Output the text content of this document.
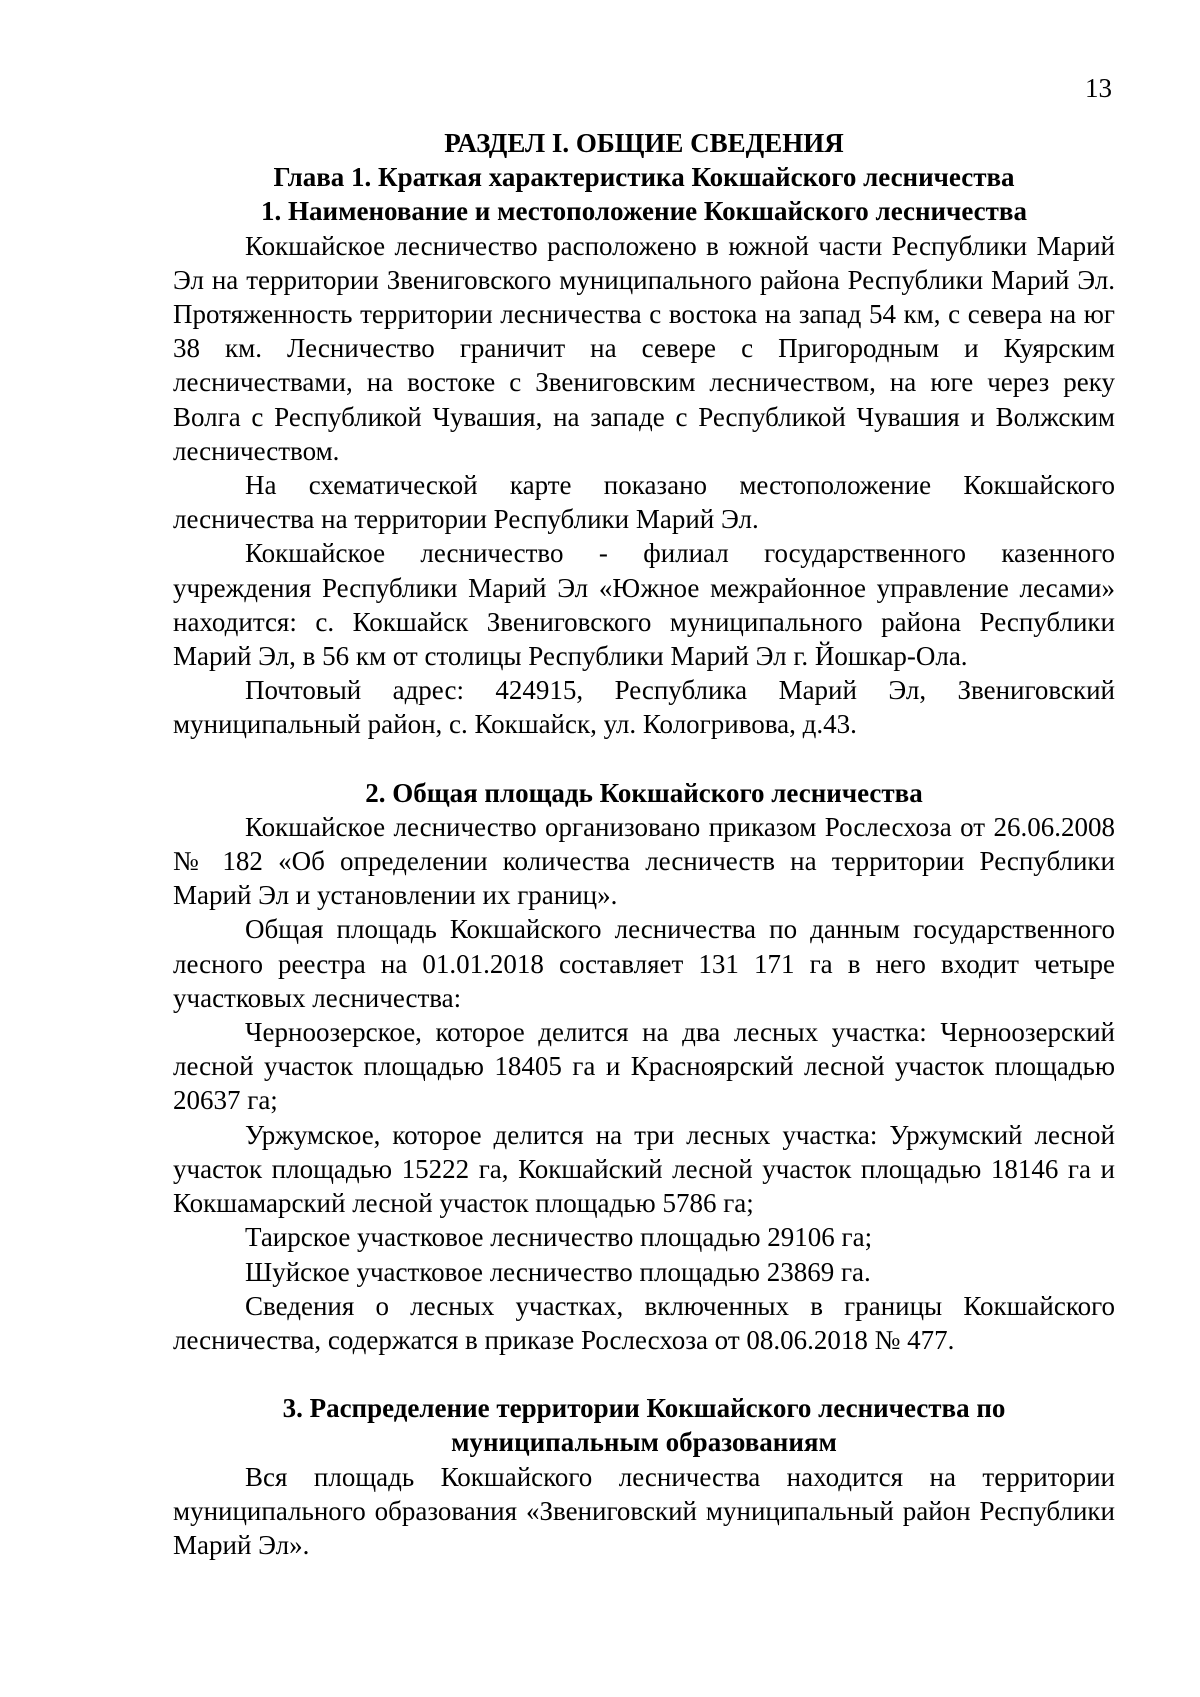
13

РАЗДЕЛ I. ОБЩИЕ СВЕДЕНИЯ

Глава 1. Краткая характеристика Кокшайского лесничества

1. Наименование и местоположение Кокшайского лесничества

Кокшайское лесничество расположено в южной части Республики Марий Эл на территории Звениговского муниципального района Республики Марий Эл. Протяженность территории лесничества с востока на запад 54 км, с севера на юг 38 км. Лесничество граничит на севере с Пригородным и Куярским лесничествами, на востоке с Звениговским лесничеством, на юге через реку Волга с Республикой Чувашия, на западе с Республикой Чувашия и Волжским лесничеством.

На схематической карте показано местоположение Кокшайского лесничества на территории Республики Марий Эл.

Кокшайское лесничество - филиал государственного казенного учреждения Республики Марий Эл «Южное межрайонное управление лесами» находится: с. Кокшайск Звениговского муниципального района Республики Марий Эл, в 56 км от столицы Республики Марий Эл г. Йошкар-Ола.

Почтовый адрес: 424915, Республика Марий Эл, Звениговский муниципальный район, с. Кокшайск, ул. Кологривова, д.43.

2. Общая площадь Кокшайского лесничества

Кокшайское лесничество организовано приказом Рослесхоза от 26.06.2008 № 182 «Об определении количества лесничеств на территории Республики Марий Эл и установлении их границ».

Общая площадь Кокшайского лесничества по данным государственного лесного реестра на 01.01.2018 составляет 131 171 га в него входит четыре участковых лесничества:

Черноозерское, которое делится на два лесных участка: Черноозерский лесной участок площадью 18405 га и Красноярский лесной участок площадью 20637 га;

Уржумское, которое делится на три лесных участка: Уржумский лесной участок площадью 15222 га, Кокшайский лесной участок площадью 18146 га и Кокшамарский лесной участок площадью 5786 га;

Таирское участковое лесничество площадью 29106 га;

Шуйское участковое лесничество площадью 23869 га.

Сведения о лесных участках, включенных в границы Кокшайского лесничества, содержатся в приказе Рослесхоза от 08.06.2018 № 477.

3. Распределение территории Кокшайского лесничества по

муниципальным образованиям

Вся площадь Кокшайского лесничества находится на территории муниципального образования «Звениговский муниципальный район Республики Марий Эл».
